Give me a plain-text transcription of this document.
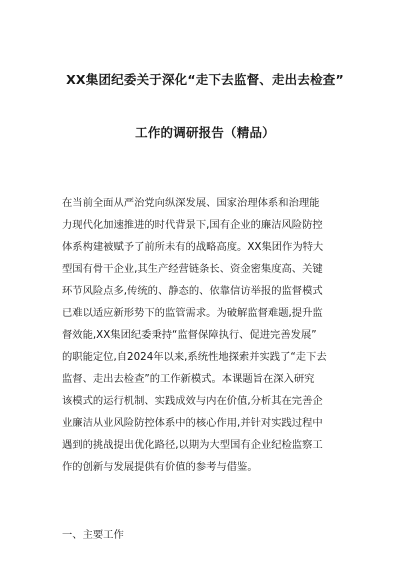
XX集团纪委关于深化“走下去监督、走出去检查”
工作的调研报告（精品）
在当前全面从严治党向纵深发展、国家治理体系和治理能
力现代化加速推进的时代背景下,国有企业的廉洁风险防控
体系构建被赋予了前所未有的战略高度。XX集团作为特大
型国有骨干企业,其生产经营链条长、资金密集度高、关键
环节风险点多,传统的、静态的、依靠信访举报的监督模式
已难以适应新形势下的监管需求。为破解监督难题,提升监
督效能,XX集团纪委秉持“监督保障执行、促进完善发展”
的职能定位,自2024年以来,系统性地探索并实践了“走下去
监督、走出去检查”的工作新模式。本课题旨在深入研究
该模式的运行机制、实践成效与内在价值,分析其在完善企
业廉洁从业风险防控体系中的核心作用,并针对实践过程中
遇到的挑战提出优化路径,以期为大型国有企业纪检监察工
作的创新与发展提供有价值的参考与借鉴。
一、主要工作
